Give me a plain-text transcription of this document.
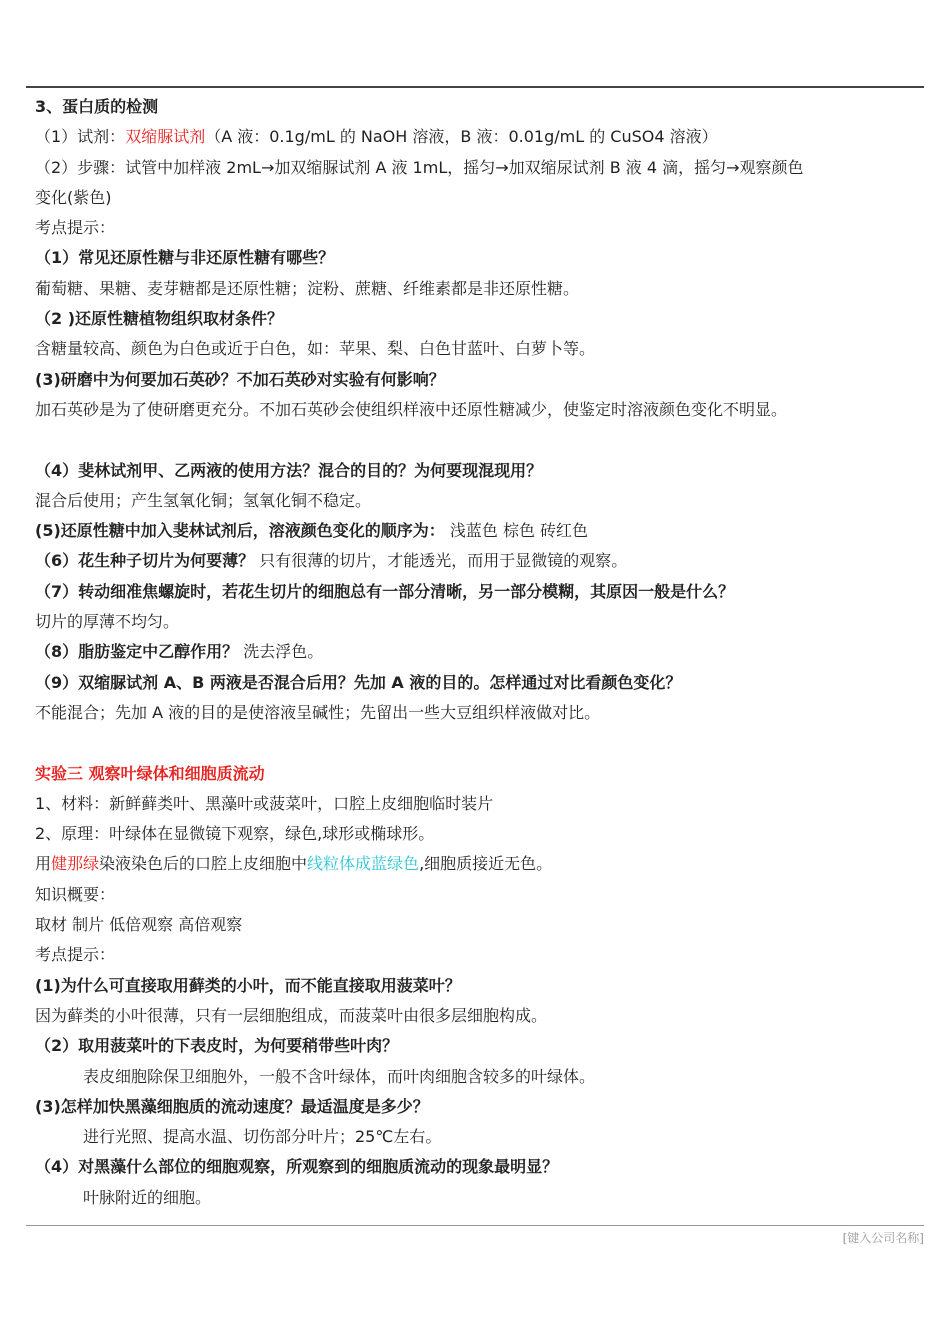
3、蛋白质的检测
（1）试剂：双缩脲试剂（A 液：0.1g/mL 的 NaOH 溶液，B 液：0.01g/mL 的 CuSO4 溶液）
（2）步骤：试管中加样液 2mL→加双缩脲试剂 A 液 1mL，摇匀→加双缩尿试剂 B 液 4 滴，摇匀→观察颜色
变化(紫色)
考点提示：
（1）常见还原性糖与非还原性糖有哪些？
葡萄糖、果糖、麦芽糖都是还原性糖；淀粉、蔗糖、纤维素都是非还原性糖。
（2 )还原性糖植物组织取材条件？
含糖量较高、颜色为白色或近于白色，如：苹果、梨、白色甘蓝叶、白萝卜等。
(3)研磨中为何要加石英砂？不加石英砂对实验有何影响？
加石英砂是为了使研磨更充分。不加石英砂会使组织样液中还原性糖减少，使鉴定时溶液颜色变化不明显。
（4）斐林试剂甲、乙两液的使用方法？混合的目的？为何要现混现用？
混合后使用；产生氢氧化铜；氢氧化铜不稳定。
(5)还原性糖中加入斐林试剂后，溶液颜色变化的顺序为： 浅蓝色 棕色 砖红色
（6）花生种子切片为何要薄？ 只有很薄的切片，才能透光，而用于显微镜的观察。
（7）转动细准焦螺旋时，若花生切片的细胞总有一部分清晰，另一部分模糊，其原因一般是什么？
切片的厚薄不均匀。
（8）脂肪鉴定中乙醇作用？ 洗去浮色。
（9）双缩脲试剂 A、B 两液是否混合后用？先加 A 液的目的。怎样通过对比看颜色变化？
不能混合；先加 A 液的目的是使溶液呈碱性；先留出一些大豆组织样液做对比。
实验三 观察叶绿体和细胞质流动
1、材料：新鲜藓类叶、黑藻叶或菠菜叶，口腔上皮细胞临时装片
2、原理：叶绿体在显微镜下观察，绿色,球形或椭球形。
用健那绿染液染色后的口腔上皮细胞中线粒体成蓝绿色,细胞质接近无色。
知识概要：
取材 制片 低倍观察 高倍观察
考点提示：
(1)为什么可直接取用藓类的小叶，而不能直接取用菠菜叶？
因为藓类的小叶很薄，只有一层细胞组成，而菠菜叶由很多层细胞构成。
（2）取用菠菜叶的下表皮时，为何要稍带些叶肉？
表皮细胞除保卫细胞外，一般不含叶绿体，而叶肉细胞含较多的叶绿体。
(3)怎样加快黑藻细胞质的流动速度？最适温度是多少？
进行光照、提高水温、切伤部分叶片；25℃左右。
（4）对黑藻什么部位的细胞观察，所观察到的细胞质流动的现象最明显？
叶脉附近的细胞。
[键入公司名称]
